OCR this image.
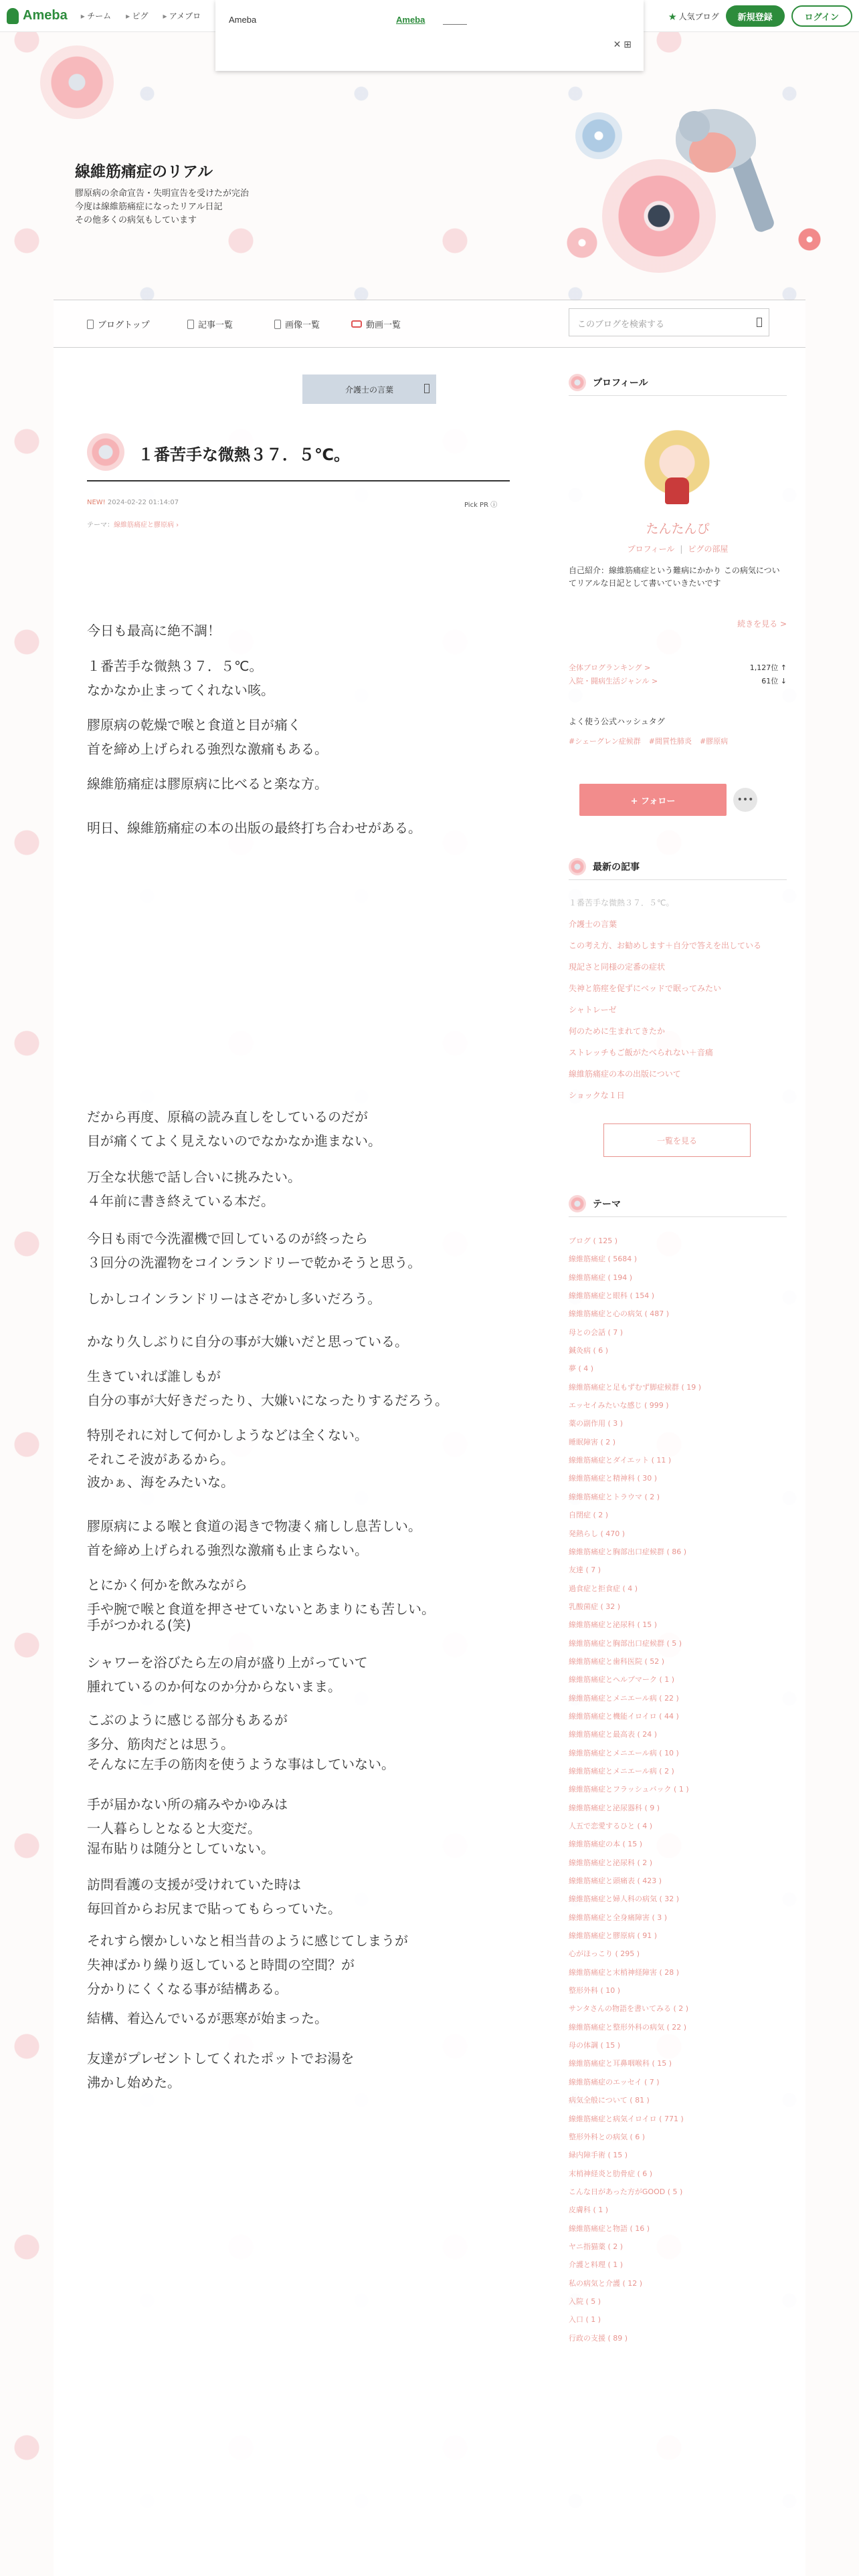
Ameba	▸ チーム	▸ ピグ	▸ アメブロ	Ameba	Ameba
✕ ⊞
★ 人気ブログ	新規登録	ログイン
線維筋痛症のリアル
膠原病の余命宣告・失明宣告を受けたが完治
今度は線維筋痛症になったリアル日記
その他多くの病気もしています
ブログトップ	記事一覧	画像一覧	動画一覧	このブログを検索する
介護士の言葉
１番苦手な微熱３７．５℃。
NEW! 2024-02-22 01:14:07	Pick PR ⓘ
テーマ：線維筋痛症と膠原病 ›

今日も最高に絶不調！

１番苦手な微熱３７．５℃。

なかなか止まってくれない咳。

膠原病の乾燥で喉と食道と目が痛く

首を締め上げられる強烈な激痛もある。

線維筋痛症は膠原病に比べると楽な方。

明日、線維筋痛症の本の出版の最終打ち合わせがある。

だから再度、原稿の読み直しをしているのだが

目が痛くてよく見えないのでなかなか進まない。

万全な状態で話し合いに挑みたい。

４年前に書き終えている本だ。

今日も雨で今洗濯機で回しているのが終ったら

３回分の洗濯物をコインランドリーで乾かそうと思う。

しかしコインランドリーはさぞかし多いだろう。

かなり久しぶりに自分の事が大嫌いだと思っている。

生きていれば誰しもが

自分の事が大好きだったり、大嫌いになったりするだろう。

特別それに対して何かしようなどは全くない。

それこそ波があるから。

波かぁ、海をみたいな。

膠原病による喉と食道の渇きで物凄く痛しし息苦しい。

首を締め上げられる強烈な激痛も止まらない。

とにかく何かを飲みながら

手や腕で喉と食道を押させていないとあまりにも苦しい。

手がつかれる(笑)

シャワーを浴びたら左の肩が盛り上がっていて

腫れているのか何なのか分からないまま。

こぶのように感じる部分もあるが

多分、筋肉だとは思う。

そんなに左手の筋肉を使うような事はしていない。

手が届かない所の痛みやかゆみは

一人暮らしとなると大変だ。

湿布貼りは随分としていない。

訪問看護の支援が受けれていた時は

毎回首からお尻まで貼ってもらっていた。

それすら懐かしいなと相当昔のように感じてしまうが

失神ばかり繰り返していると時間の空間？が

分かりにくくなる事が結構ある。

結構、着込んでいるが悪寒が始まった。

友達がプレゼントしてくれたポットでお湯を

沸かし始めた。

プロフィール
たんたんぴ
プロフィール | ピグの部屋
自己紹介：線維筋痛症という難病にかかり この病気についてリアルな日記として書いていきたいです
続きを見る >
全体ブログランキング >	1,127位 ↑
入院・闘病生活ジャンル >	61位 ↓
よく使う公式ハッシュタグ
#シェーグレン症候群 #間質性肺炎 #膠原病
+ フォロー	•••
最新の記事
１番苦手な微熱３７．５℃。
介護士の言葉
この考え方、お勧めします＋自分で答えを出している
現記さと同様の定番の症状
失神と筋痙を促ずにベッドで眠ってみたい
シャトレーゼ
何のために生まれてきたか
ストレッチもご飯がたべられない＋音痛
線維筋痛症の本の出版について
ショックな１日
一覧を見る
テーマ
ブログ ( 125 )
線維筋痛症 ( 5684 )
線維筋痛症 ( 194 )
線維筋痛症と眼科 ( 154 )
線維筋痛症と心の病気 ( 487 )
母との会話 ( 7 )
鍼灸病 ( 6 )
夢 ( 4 )
線維筋痛症と足もずむず脚症候群 ( 19 )
エッセイみたいな感じ ( 999 )
薬の副作用 ( 3 )
睡眠障害 ( 2 )
線維筋痛症とダイエット ( 11 )
線維筋痛症と精神科 ( 30 )
線維筋痛症とトラウマ ( 2 )
自閉症 ( 2 )
発熱らし ( 470 )
線維筋痛症と胸部出口症候群 ( 86 )
友達 ( 7 )
過食症と拒食症 ( 4 )
乳酸菌症 ( 32 )
線維筋痛症と泌尿科 ( 15 )
線維筋痛症と胸部出口症候群 ( 5 )
線維筋痛症と歯科医院 ( 52 )
線維筋痛症とヘルプマーク ( 1 )
線維筋痛症とメニエール病 ( 22 )
線維筋痛症と機能イロイロ ( 44 )
線維筋痛症と最高表 ( 24 )
線維筋痛症とメニエール病 ( 10 )
線維筋痛症とメニエール病 ( 2 )
線維筋痛症とフラッシュバック ( 1 )
線維筋痛症と泌尿器科 ( 9 )
人五で恋愛するひと ( 4 )
線維筋痛症の本 ( 15 )
線維筋痛症と泌尿科 ( 2 )
線維筋痛症と頭痛表 ( 423 )
線維筋痛症と婦人科の病気 ( 32 )
線維筋痛症と全身痛障害 ( 3 )
線維筋痛症と膠原病 ( 91 )
心がほっこり ( 295 )
線維筋痛症と末梢神経障害 ( 28 )
整形外科 ( 10 )
サンタさんの物語を書いてみる ( 2 )
線維筋痛症と整形外科の病気 ( 22 )
母の体調 ( 15 )
線維筋痛症と耳鼻咽喉科 ( 15 )
線維筋痛症のエッセイ ( 7 )
病気全般について ( 81 )
線維筋痛症と病気イロイロ ( 771 )
整形外科との病気 ( 6 )
緑内障手術 ( 15 )
末梢神経炎と肋骨症 ( 6 )
こんな日があった方がGOOD ( 5 )
皮膚科 ( 1 )
線維筋痛症と物語 ( 16 )
ヤニ指猫薬 ( 2 )
介護と料理 ( 1 )
私の病気と介護 ( 12 )
入院 ( 5 )
入口 ( 1 )
行政の支援 ( 89 )
